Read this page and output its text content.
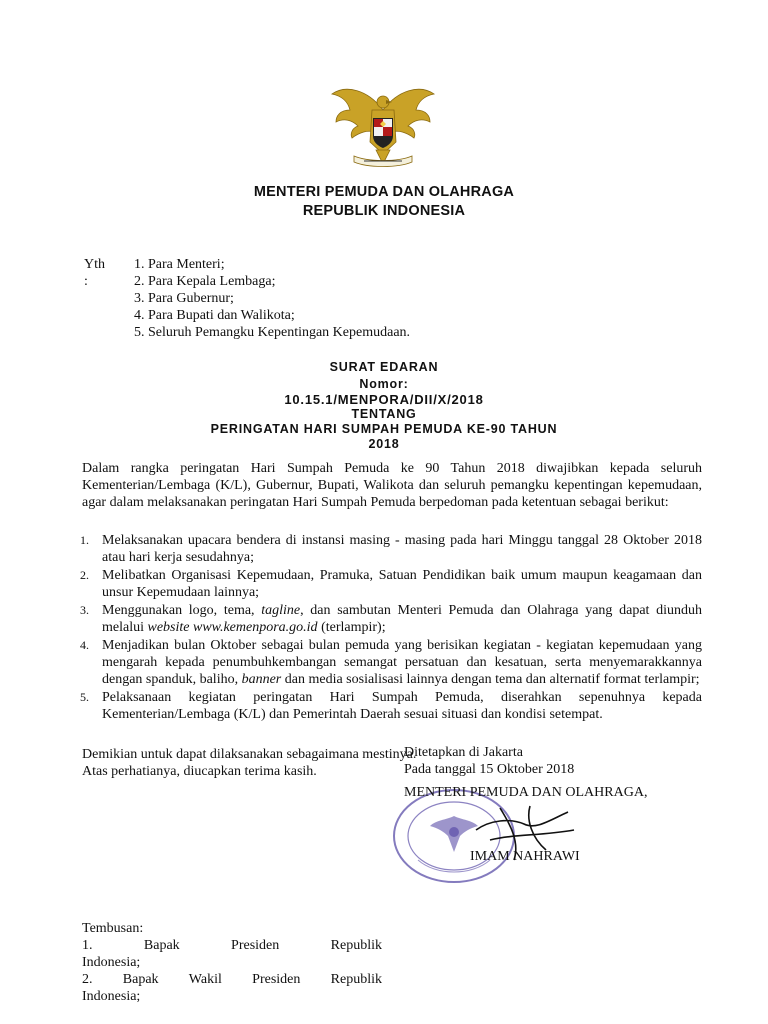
MENTERI PEMUDA DAN OLAHRAGA
REPUBLIK INDONESIA
Yth :
1. Para Menteri;
2. Para Kepala Lembaga;
3. Para Gubernur;
4. Para Bupati dan Walikota;
5. Seluruh Pemangku Kepentingan Kepemudaan.
SURAT EDARAN
Nomor:
10.15.1/MENPORA/DII/X/2018
TENTANG
PERINGATAN HARI SUMPAH PEMUDA KE-90 TAHUN
2018
Dalam rangka peringatan Hari Sumpah Pemuda ke 90 Tahun 2018 diwajibkan kepada seluruh Kementerian/Lembaga (K/L), Gubernur, Bupati, Walikota dan seluruh pemangku kepentingan kepemudaan, agar dalam melaksanakan peringatan Hari Sumpah Pemuda berpedoman pada ketentuan sebagai berikut:
1. Melaksanakan upacara bendera di instansi masing - masing pada hari Minggu tanggal 28 Oktober 2018 atau hari kerja sesudahnya;
2. Melibatkan Organisasi Kepemudaan, Pramuka, Satuan Pendidikan baik umum maupun keagamaan dan unsur Kepemudaan lainnya;
3. Menggunakan logo, tema, tagline, dan sambutan Menteri Pemuda dan Olahraga yang dapat diunduh melalui website www.kemenpora.go.id (terlampir);
4. Menjadikan bulan Oktober sebagai bulan pemuda yang berisikan kegiatan - kegiatan kepemudaan yang mengarah kepada penumbuhkembangan semangat persatuan dan kesatuan, serta menyemarakkannya dengan spanduk, baliho, banner dan media sosialisasi lainnya dengan tema dan alternatif format terlampir;
5. Pelaksanaan kegiatan peringatan Hari Sumpah Pemuda, diserahkan sepenuhnya kepada Kementerian/Lembaga (K/L) dan Pemerintah Daerah sesuai situasi dan kondisi setempat.
Demikian untuk dapat dilaksanakan sebagaimana mestinya. Atas perhatianya, diucapkan terima kasih.
Ditetapkan di Jakarta
Pada tanggal 15 Oktober 2018
MENTERI PEMUDA DAN OLAHRAGA,
IMAM NAHRAWI
Tembusan:
1.	Bapak	Presiden	Republik
Indonesia;
2. Bapak Wakil Presiden Republik
Indonesia;
